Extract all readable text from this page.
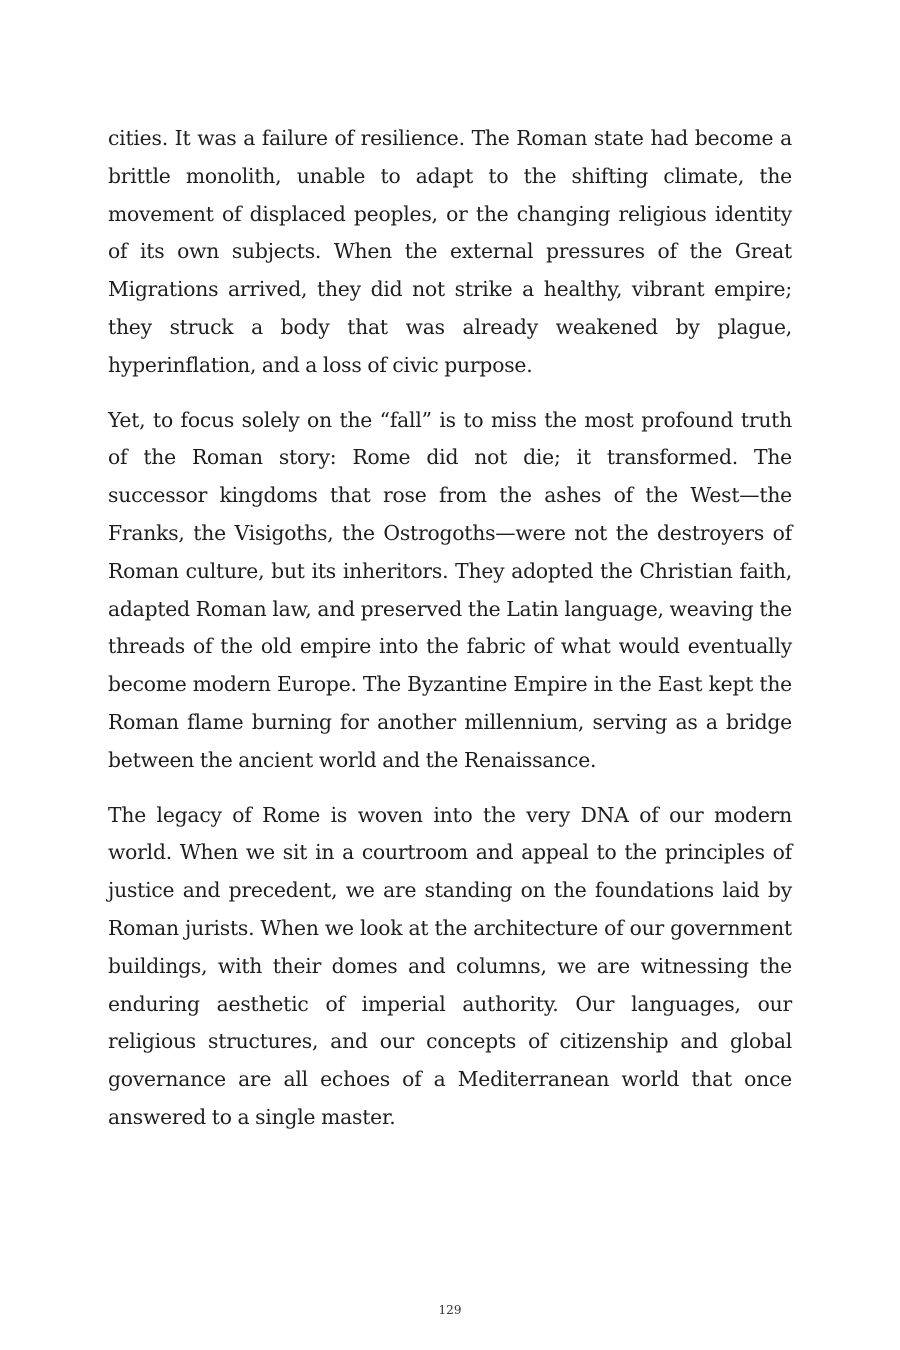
cities. It was a failure of resilience. The Roman state had become a brittle monolith, unable to adapt to the shifting climate, the movement of displaced peoples, or the changing religious identity of its own subjects. When the external pressures of the Great Migrations arrived, they did not strike a healthy, vibrant empire; they struck a body that was already weakened by plague, hyperinflation, and a loss of civic purpose.

Yet, to focus solely on the “fall” is to miss the most profound truth of the Roman story: Rome did not die; it transformed. The successor kingdoms that rose from the ashes of the West—the Franks, the Visigoths, the Ostrogoths—were not the destroyers of Roman culture, but its inheritors. They adopted the Christian faith, adapted Roman law, and preserved the Latin language, weaving the threads of the old empire into the fabric of what would eventually become modern Europe. The Byzantine Empire in the East kept the Roman flame burning for another millennium, serving as a bridge between the ancient world and the Renaissance.

The legacy of Rome is woven into the very DNA of our modern world. When we sit in a courtroom and appeal to the principles of justice and precedent, we are standing on the foundations laid by Roman jurists. When we look at the architecture of our government buildings, with their domes and columns, we are witnessing the enduring aesthetic of imperial authority. Our languages, our religious structures, and our concepts of citizenship and global governance are all echoes of a Mediterranean world that once answered to a single master.

129
